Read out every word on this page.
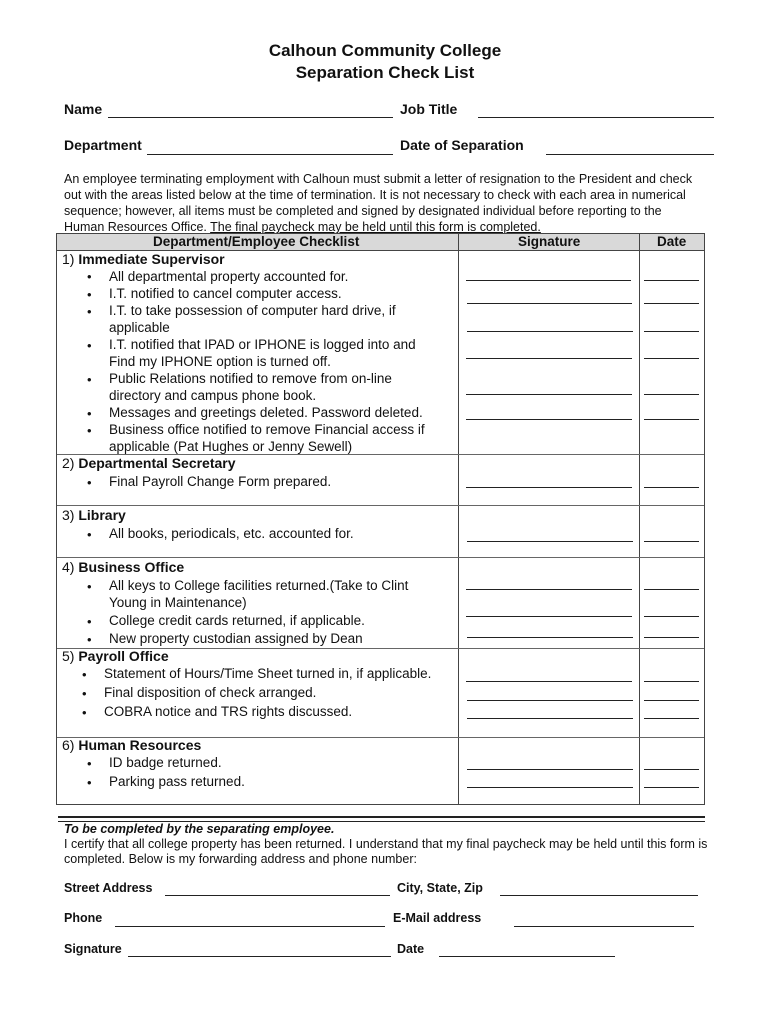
Calhoun Community College
Separation Check List
Name	Job Title
Department	Date of Separation
An employee terminating employment with Calhoun must submit a letter of resignation to the President and check out with the areas listed below at the time of termination. It is not necessary to check with each area in numerical sequence; however, all items must be completed and signed by designated individual before reporting to the Human Resources Office. The final paycheck may be held until this form is completed.
Department/Employee Checklist	Signature	Date
1) Immediate Supervisor
• All departmental property accounted for.
• I.T. notified to cancel computer access.
• I.T. to take possession of computer hard drive, if
applicable
• I.T. notified that IPAD or IPHONE is logged into and
Find my IPHONE option is turned off.
• Public Relations notified to remove from on-line
directory and campus phone book.
• Messages and greetings deleted. Password deleted.
• Business office notified to remove Financial access if
applicable (Pat Hughes or Jenny Sewell)
2) Departmental Secretary
• Final Payroll Change Form prepared.
3) Library
• All books, periodicals, etc. accounted for.
4) Business Office
• All keys to College facilities returned.(Take to Clint
Young in Maintenance)
• College credit cards returned, if applicable.
• New property custodian assigned by Dean
5) Payroll Office
• Statement of Hours/Time Sheet turned in, if applicable.
• Final disposition of check arranged.
• COBRA notice and TRS rights discussed.
6) Human Resources
• ID badge returned.
• Parking pass returned.
To be completed by the separating employee.
I certify that all college property has been returned. I understand that my final paycheck may be held until this form is completed. Below is my forwarding address and phone number:
Street Address	City, State, Zip
Phone	E-Mail address
Signature	Date
